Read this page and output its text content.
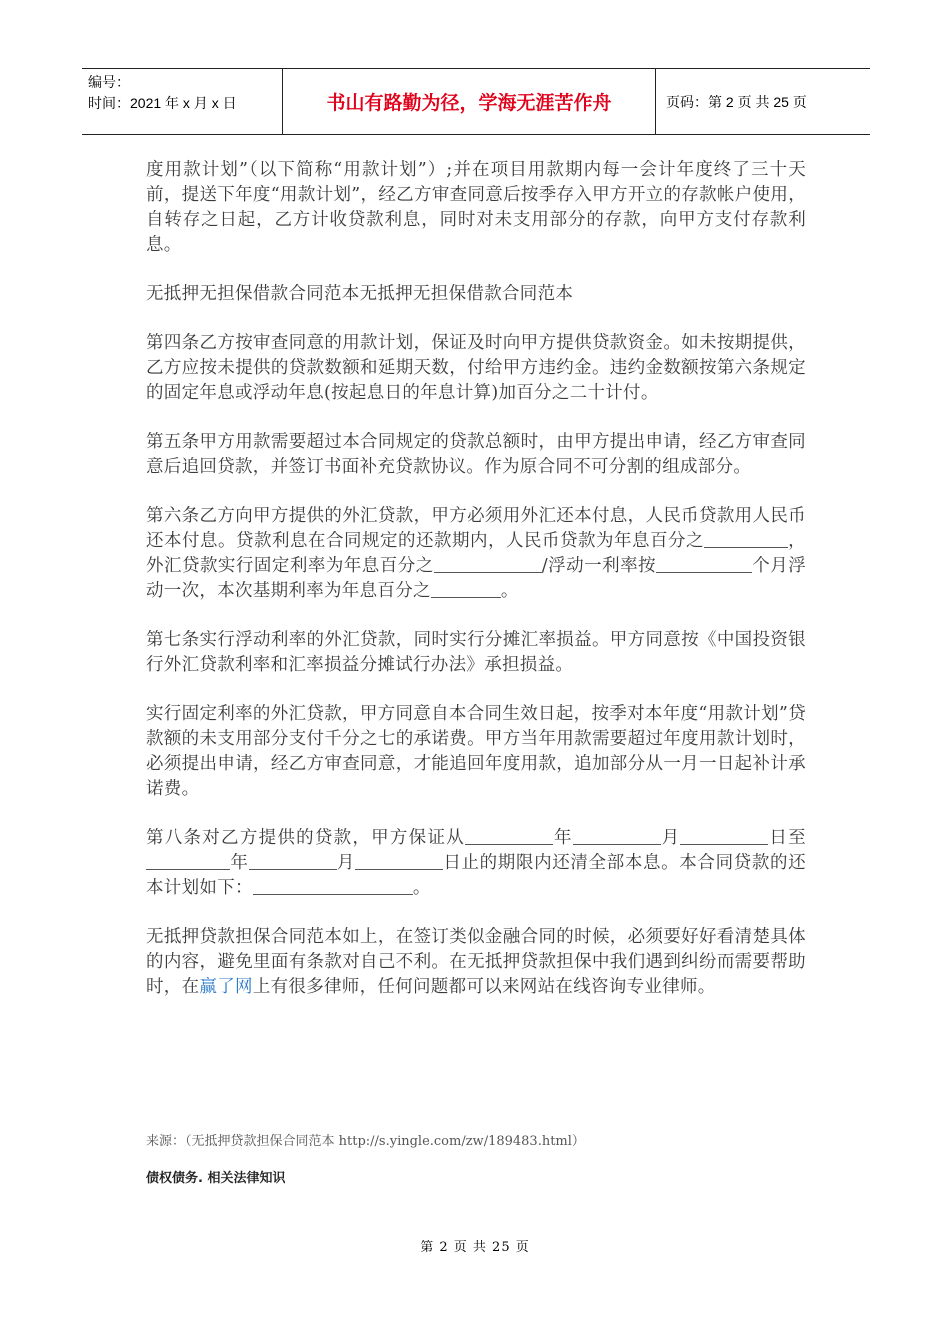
编号：
时间：2021 年 x 月 x 日	书山有路勤为径，学海无涯苦作舟	页码：第 2 页 共 25 页

度用款计划”（以下简称“用款计划”）;并在项目用款期内每一会计年度终了三十天前，提送下年度“用款计划”，经乙方审查同意后按季存入甲方开立的存款帐户使用，自转存之日起，乙方计收贷款利息，同时对未支用部分的存款，向甲方支付存款利息。

无抵押无担保借款合同范本无抵押无担保借款合同范本

第四条乙方按审查同意的用款计划，保证及时向甲方提供贷款资金。如未按期提供，乙方应按未提供的贷款数额和延期天数，付给甲方违约金。违约金数额按第六条规定的固定年息或浮动年息(按起息日的年息计算)加百分之二十计付。

第五条甲方用款需要超过本合同规定的贷款总额时，由甲方提出申请，经乙方审查同意后追回贷款，并签订书面补充贷款协议。作为原合同不可分割的组成部分。

第六条乙方向甲方提供的外汇贷款，甲方必须用外汇还本付息，人民币贷款用人民币还本付息。贷款利息在合同规定的还款期内，人民币贷款为年息百分之	，外汇贷款实行固定利率为年息百分之	/浮动一利率按	个月浮动一次，本次基期利率为年息百分之	。

第七条实行浮动利率的外汇贷款，同时实行分摊汇率损益。甲方同意按《中国投资银行外汇贷款利率和汇率损益分摊试行办法》承担损益。

实行固定利率的外汇贷款，甲方同意自本合同生效日起，按季对本年度“用款计划”贷款额的未支用部分支付千分之七的承诺费。甲方当年用款需要超过年度用款计划时，必须提出申请，经乙方审查同意，才能追回年度用款，追加部分从一月一日起补计承诺费。

第八条对乙方提供的贷款，甲方保证从	年	月	日至年	月	日止的期限内还清全部本息。本合同贷款的还本计划如下：	。

无抵押贷款担保合同范本如上，在签订类似金融合同的时候，必须要好好看清楚具体的内容，避免里面有条款对自己不利。在无抵押贷款担保中我们遇到纠纷而需要帮助时，在赢了网上有很多律师，任何问题都可以来网站在线咨询专业律师。

来源：（无抵押贷款担保合同范本 http://s.yingle.com/zw/189483.html）
债权债务. 相关法律知识
第 2 页 共 25 页
